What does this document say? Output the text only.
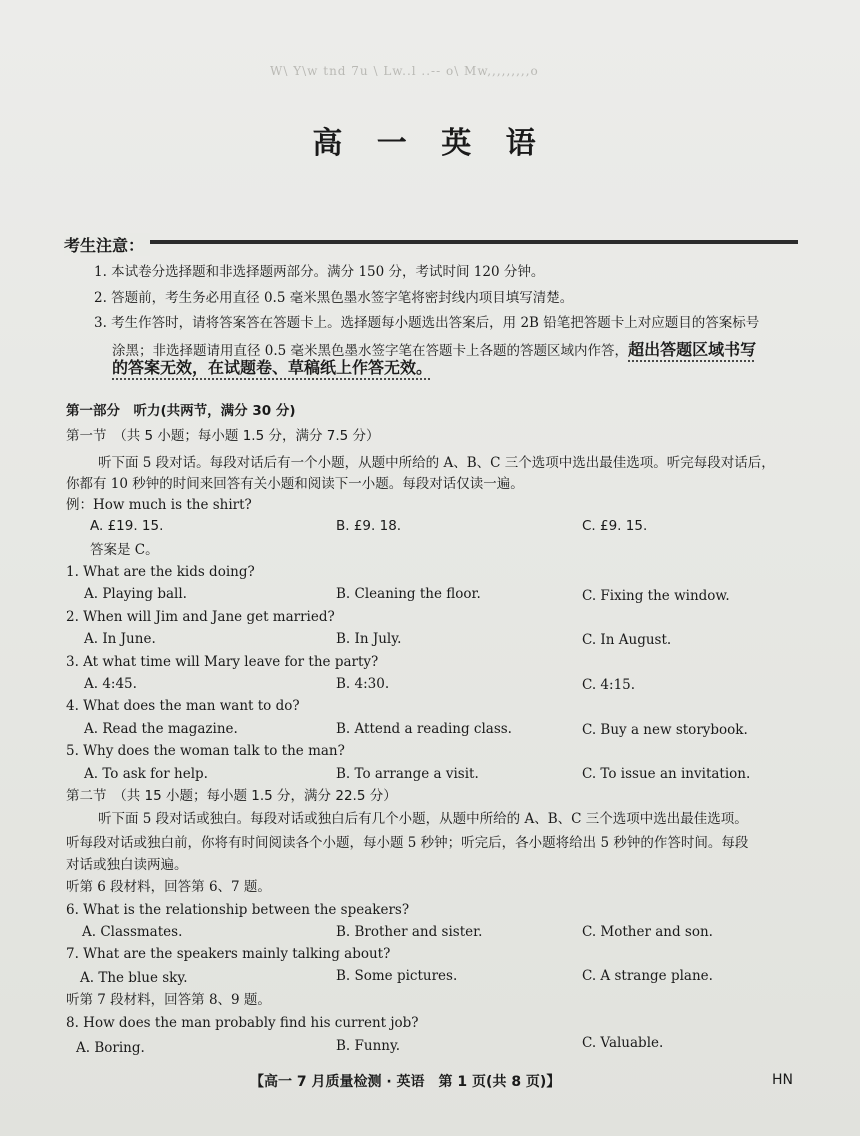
W\ Y\w tnd 7u \ Lw..l ..-- o\ Mw,,,,,,,,,o
高 一 英 语
考生注意：
1. 本试卷分选择题和非选择题两部分。满分 150 分，考试时间 120 分钟。
2. 答题前，考生务必用直径 0.5 毫米黑色墨水签字笔将密封线内项目填写清楚。
3. 考生作答时，请将答案答在答题卡上。选择题每小题选出答案后，用 2B 铅笔把答题卡上对应题目的答案标号
涂黑；非选择题请用直径 0.5 毫米黑色墨水签字笔在答题卡上各题的答题区域内作答，超出答题区域书写
的答案无效，在试题卷、草稿纸上作答无效。
第一部分　听力(共两节，满分 30 分)
第一节　（共 5 小题；每小题 1.5 分，满分 7.5 分）
听下面 5 段对话。每段对话后有一个小题，从题中所给的 A、B、C 三个选项中选出最佳选项。听完每段对话后，
你都有 10 秒钟的时间来回答有关小题和阅读下一小题。每段对话仅读一遍。
例：How much is the shirt?
A. £19. 15.	B. £9. 18.	C. £9. 15.
答案是 C。
1. What are the kids doing?
A. Playing ball.	B. Cleaning the floor.	C. Fixing the window.
2. When will Jim and Jane get married?
A. In June.	B. In July.	C. In August.
3. At what time will Mary leave for the party?
A. 4:45.	B. 4:30.	C. 4:15.
4. What does the man want to do?
A. Read the magazine.	B. Attend a reading class.	C. Buy a new storybook.
5. Why does the woman talk to the man?
A. To ask for help.	B. To arrange a visit.	C. To issue an invitation.
第二节　（共 15 小题；每小题 1.5 分，满分 22.5 分）
听下面 5 段对话或独白。每段对话或独白后有几个小题，从题中所给的 A、B、C 三个选项中选出最佳选项。
听每段对话或独白前，你将有时间阅读各个小题，每小题 5 秒钟；听完后，各小题将给出 5 秒钟的作答时间。每段
对话或独白读两遍。
听第 6 段材料，回答第 6、7 题。
6. What is the relationship between the speakers?
A. Classmates.	B. Brother and sister.	C. Mother and son.
7. What are the speakers mainly talking about?
A. The blue sky.	B. Some pictures.	C. A strange plane.
听第 7 段材料，回答第 8、9 题。
8. How does the man probably find his current job?
A. Boring.	B. Funny.	C. Valuable.
【高一 7 月质量检测 · 英语　第 1 页(共 8 页)】	HN
